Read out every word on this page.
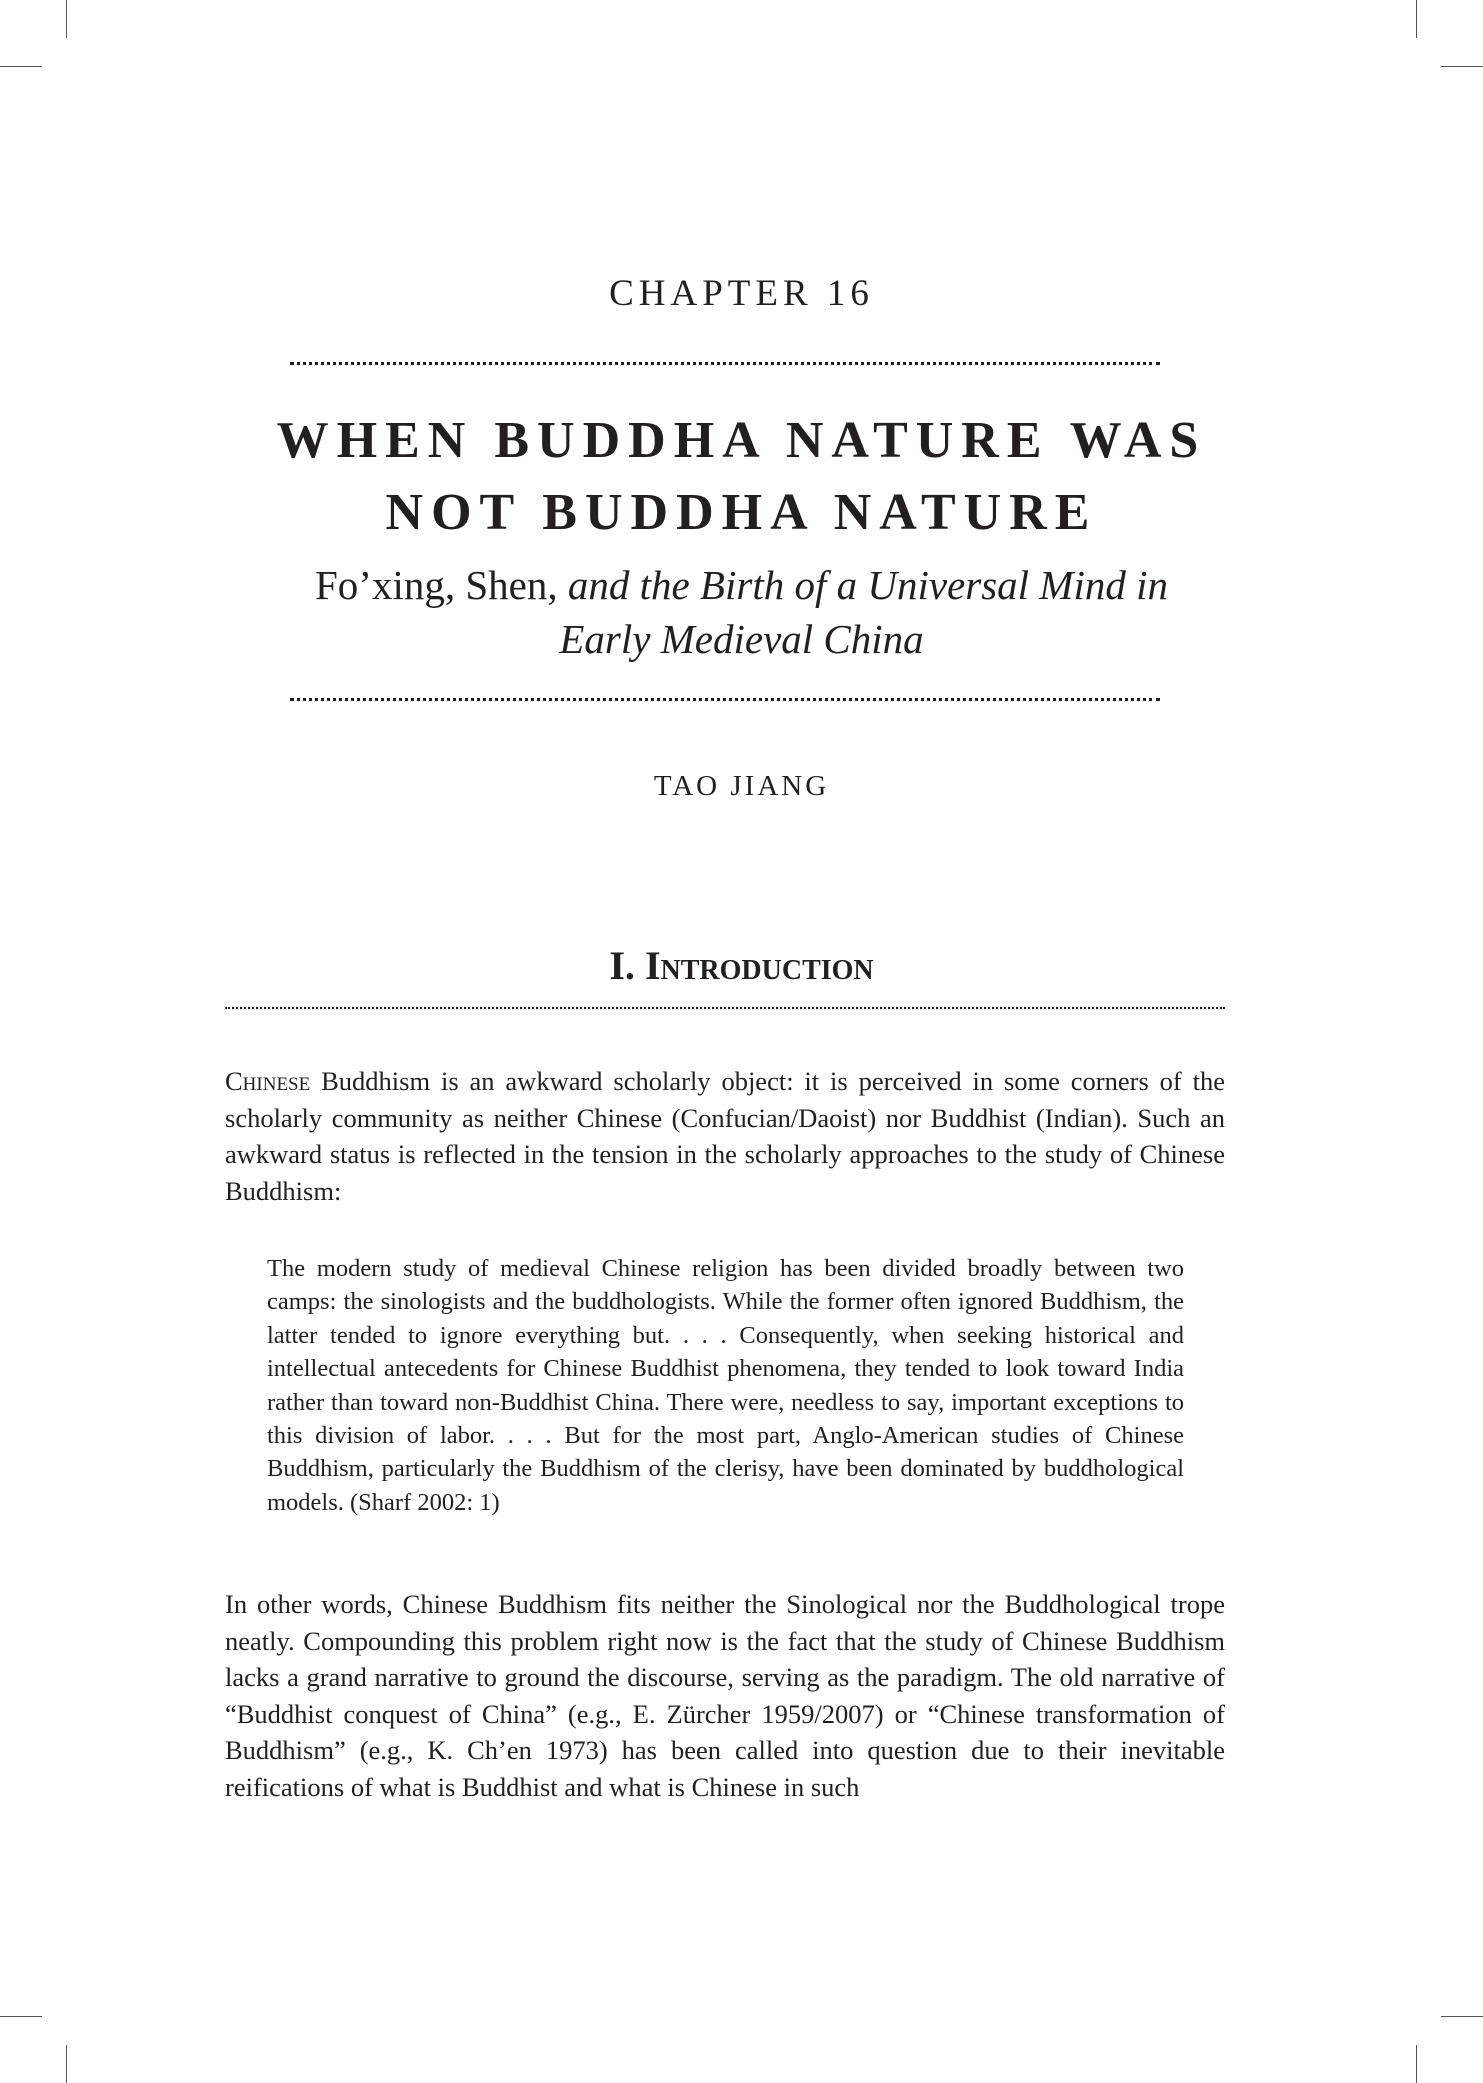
CHAPTER 16
WHEN BUDDHA NATURE WAS
NOT BUDDHA NATURE
Fo’xing, Shen, and the Birth of a Universal Mind in
Early Medieval China
TAO JIANG
I. Introduction

Chinese Buddhism is an awkward scholarly object: it is perceived in some corners of the scholarly community as neither Chinese (Confucian/Daoist) nor Buddhist (Indian). Such an awkward status is reflected in the tension in the scholarly approaches to the study of Chinese Buddhism:

The modern study of medieval Chinese religion has been divided broadly between two camps: the sinologists and the buddhologists. While the former often ignored Buddhism, the latter tended to ignore everything but. . . . Consequently, when seeking historical and intellectual antecedents for Chinese Buddhist phenomena, they tended to look toward India rather than toward non-Buddhist China. There were, needless to say, important exceptions to this division of labor. . . . But for the most part, Anglo-American studies of Chinese Buddhism, particularly the Buddhism of the clerisy, have been dominated by buddhological models. (Sharf 2002: 1)

In other words, Chinese Buddhism fits neither the Sinological nor the Buddhological trope neatly. Compounding this problem right now is the fact that the study of Chinese Buddhism lacks a grand narrative to ground the discourse, serving as the paradigm. The old narrative of “Buddhist conquest of China” (e.g., E. Zürcher 1959/2007) or “Chinese transformation of Buddhism” (e.g., K. Ch’en 1973) has been called into question due to their inevitable reifications of what is Buddhist and what is Chinese in such
